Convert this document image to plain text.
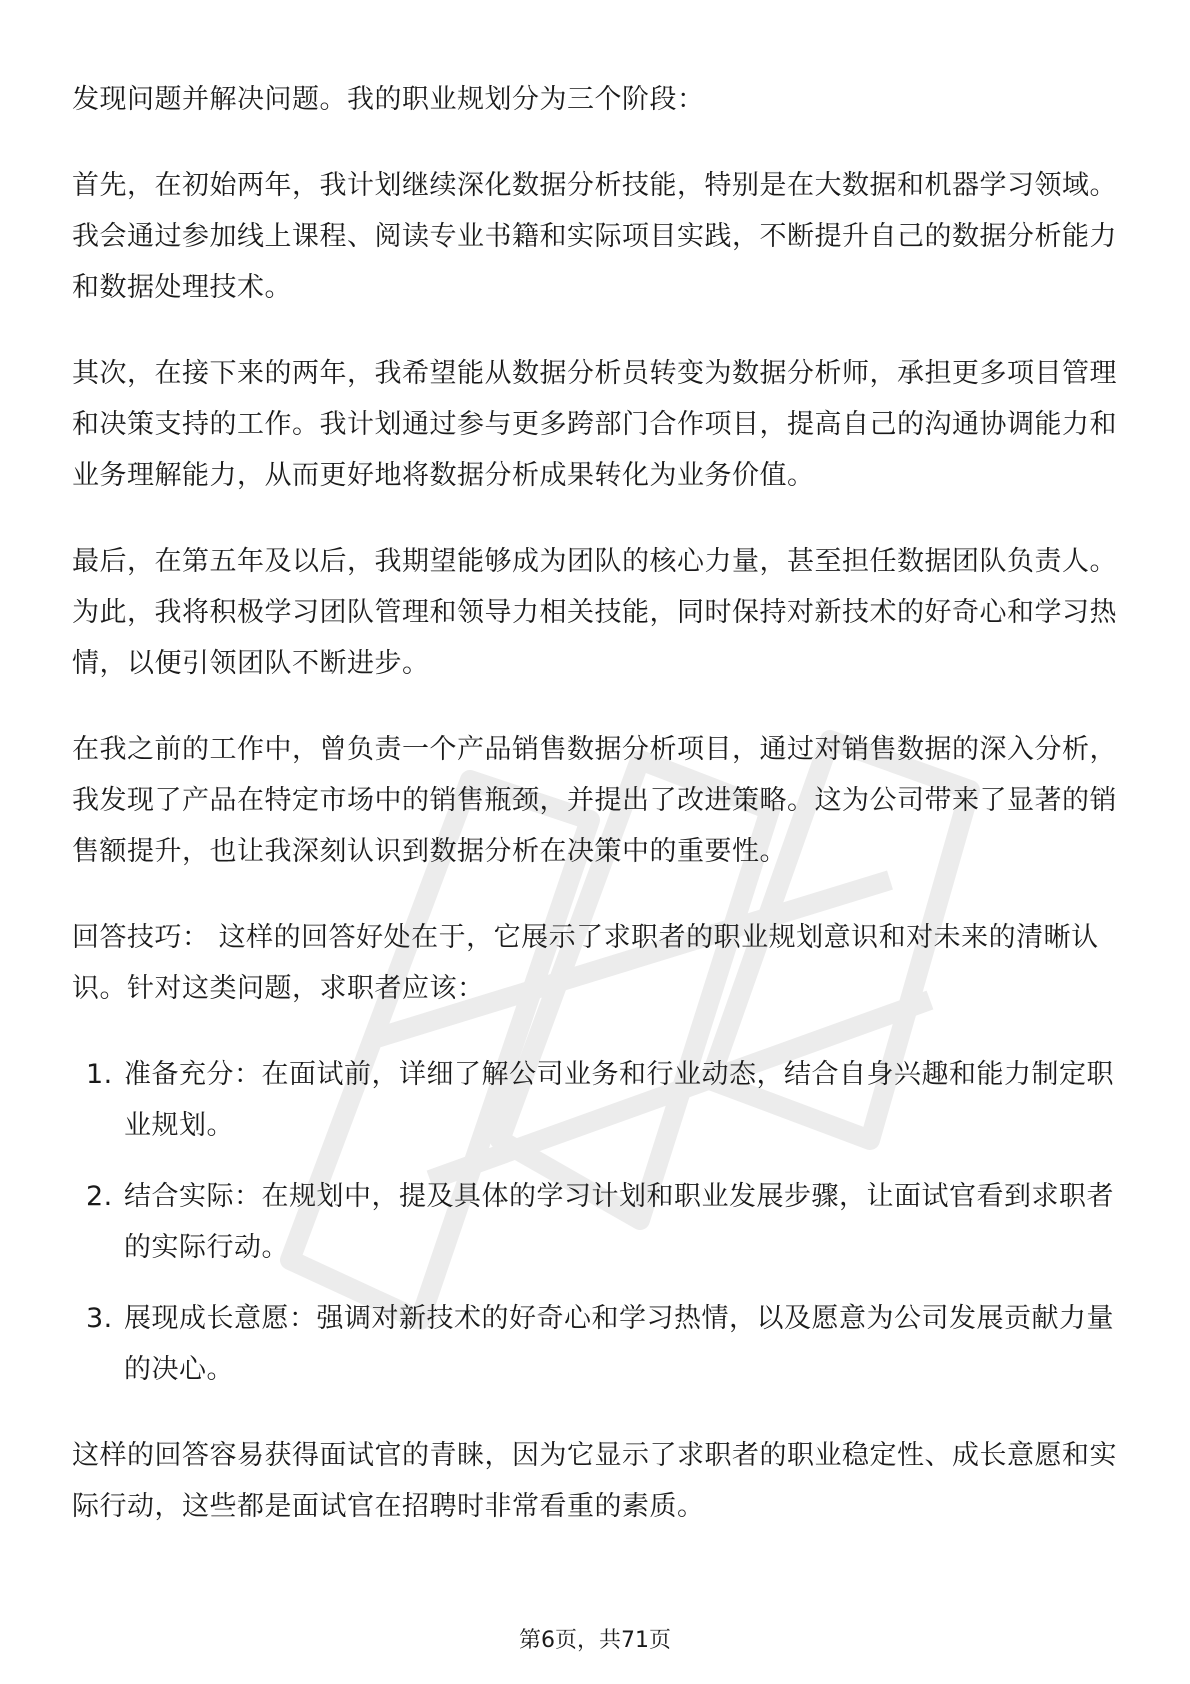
发现问题并解决问题。我的职业规划分为三个阶段：

首先，在初始两年，我计划继续深化数据分析技能，特别是在大数据和机器学习领域。我会通过参加线上课程、阅读专业书籍和实际项目实践，不断提升自己的数据分析能力和数据处理技术。

其次，在接下来的两年，我希望能从数据分析员转变为数据分析师，承担更多项目管理和决策支持的工作。我计划通过参与更多跨部门合作项目，提高自己的沟通协调能力和业务理解能力，从而更好地将数据分析成果转化为业务价值。

最后，在第五年及以后，我期望能够成为团队的核心力量，甚至担任数据团队负责人。为此，我将积极学习团队管理和领导力相关技能，同时保持对新技术的好奇心和学习热情，以便引领团队不断进步。

在我之前的工作中，曾负责一个产品销售数据分析项目，通过对销售数据的深入分析，我发现了产品在特定市场中的销售瓶颈，并提出了改进策略。这为公司带来了显著的销售额提升，也让我深刻认识到数据分析在决策中的重要性。

回答技巧： 这样的回答好处在于，它展示了求职者的职业规划意识和对未来的清晰认识。针对这类问题，求职者应该：

1. 准备充分：在面试前，详细了解公司业务和行业动态，结合自身兴趣和能力制定职业规划。
2. 结合实际：在规划中，提及具体的学习计划和职业发展步骤，让面试官看到求职者的实际行动。
3. 展现成长意愿：强调对新技术的好奇心和学习热情，以及愿意为公司发展贡献力量的决心。

这样的回答容易获得面试官的青睐，因为它显示了求职者的职业稳定性、成长意愿和实际行动，这些都是面试官在招聘时非常看重的素质。

第6页，共71页
